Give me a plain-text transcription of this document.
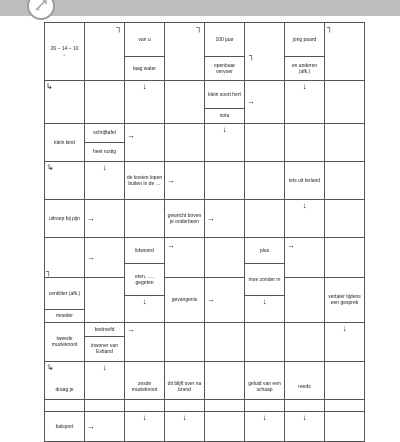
26 – 14 – 10
c
┐
van u
┐
100 jaar
┐
jong paard
┐
laag water	openbaar vervoer
en anderen (afk.)
↳	↓
klein soort hert
→
↓
nota
klein kind
schrijftafel
heel rustig
→
↓
↳	↓
de koeien lopen buiten in de … →	iets uit Ierland
uitroep bij pijn →	gewricht boven je onderbeen →
↓
┐
→
lidwoord
→
plus
→
eten, …, gegeten	moe zonder m
centiliter (afk.)
↓	gevangenis →	↓	vertaler tijdens een gesprek
moeder
tweede muzieknoot
bedroefd →	↓
inwoner van Estland
↳	↓
zesde muzieknoot
dit blijft over na brand
geluid van een schaap	reeds
balsport →
↓	↓	↓	↓
draag je
